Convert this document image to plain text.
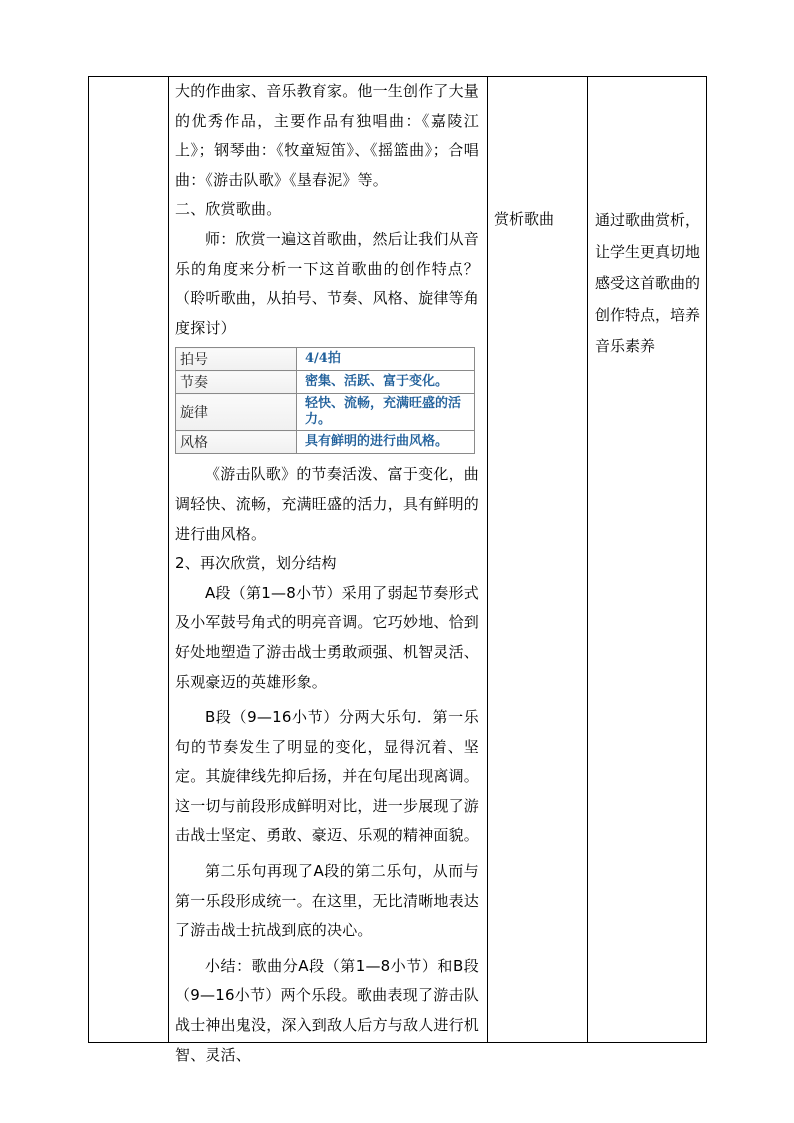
大的作曲家、音乐教育家。他一生创作了大量的优秀作品，主要作品有独唱曲：《嘉陵江上》；钢琴曲：《牧童短笛》、《摇篮曲》；合唱曲：《游击队歌》《垦春泥》等。

二、欣赏歌曲。

师：欣赏一遍这首歌曲，然后让我们从音乐的角度来分析一下这首歌曲的创作特点？（聆听歌曲，从拍号、节奏、风格、旋律等角度探讨）

拍号	4/4拍
节奏	密集、活跃、富于变化。
旋律	轻快、流畅，充满旺盛的活力。
风格	具有鲜明的进行曲风格。

《游击队歌》的节奏活泼、富于变化，曲调轻快、流畅，充满旺盛的活力，具有鲜明的进行曲风格。

2、再次欣赏，划分结构

A段（第1—8小节）采用了弱起节奏形式及小军鼓号角式的明亮音调。它巧妙地、恰到好处地塑造了游击战士勇敢顽强、机智灵活、乐观豪迈的英雄形象。

B段（9—16小节）分两大乐句．第一乐句的节奏发生了明显的变化，显得沉着、坚定。其旋律线先抑后扬，并在句尾出现离调。这一切与前段形成鲜明对比，进一步展现了游击战士坚定、勇敢、豪迈、乐观的精神面貌。

第二乐句再现了A段的第二乐句，从而与第一乐段形成统一。在这里，无比清晰地表达了游击战士抗战到底的决心。

小结：歌曲分A段（第1—8小节）和B段（9—16小节）两个乐段。歌曲表现了游击队战士神出鬼没，深入到敌人后方与敌人进行机智、灵活、

赏析歌曲	通过歌曲赏析，让学生更真切地感受这首歌曲的创作特点，培养音乐素养
